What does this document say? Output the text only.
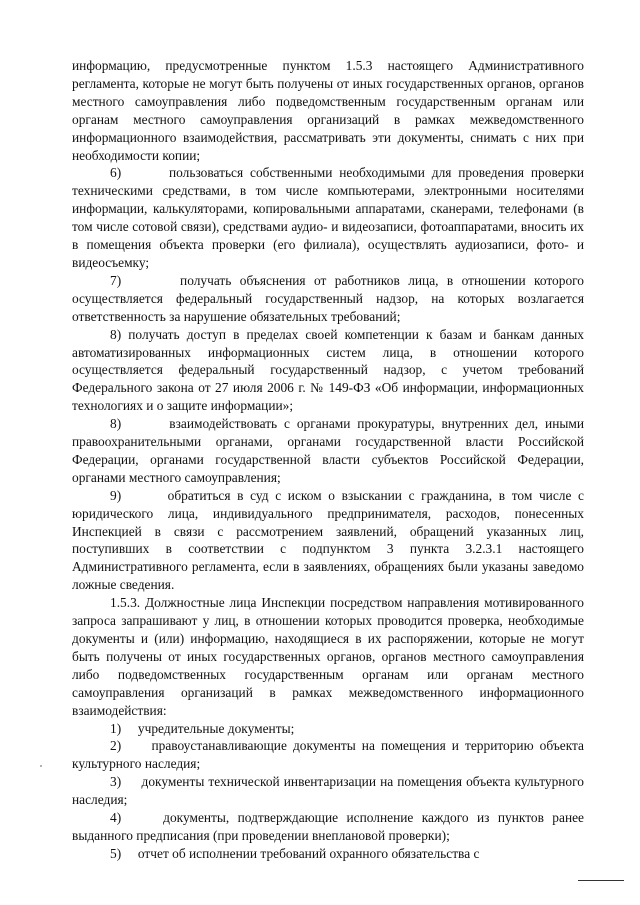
информацию, предусмотренные пунктом 1.5.3 настоящего Административного регламента, которые не могут быть получены от иных государственных органов, органов местного самоуправления либо подведомственным государственным органам или органам местного самоуправления организаций в рамках межведомственного информационного взаимодействия, рассматривать эти документы, снимать с них при необходимости копии;

6)       пользоваться собственными необходимыми для проведения проверки техническими средствами, в том числе компьютерами, электронными носителями информации, калькуляторами, копировальными аппаратами, сканерами, телефонами (в том числе сотовой связи), средствами аудио- и видеозаписи, фотоаппаратами, вносить их в помещения объекта проверки (его филиала), осуществлять аудиозаписи, фото- и видеосъемку;

7)       получать объяснения от работников лица, в отношении которого осуществляется федеральный государственный надзор, на которых возлагается ответственность за нарушение обязательных требований;

8) получать доступ в пределах своей компетенции к базам и банкам данных автоматизированных информационных систем лица, в отношении которого осуществляется федеральный государственный надзор, с учетом требований Федерального закона от 27 июля 2006 г. № 149-ФЗ «Об информации, информационных технологиях и о защите информации»;

8)       взаимодействовать с органами прокуратуры, внутренних дел, иными правоохранительными органами, органами государственной власти Российской Федерации, органами государственной власти субъектов Российской Федерации, органами местного самоуправления;

9)       обратиться в суд с иском о взыскании с гражданина, в том числе с юридического лица, индивидуального предпринимателя, расходов, понесенных Инспекцией в связи с рассмотрением заявлений, обращений указанных лиц, поступивших в соответствии с подпунктом 3 пункта 3.2.3.1 настоящего Административного регламента, если в заявлениях, обращениях были указаны заведомо ложные сведения.

1.5.3. Должностные лица Инспекции посредством направления мотивированного запроса запрашивают у лиц, в отношении которых проводится проверка, необходимые документы и (или) информацию, находящиеся в их распоряжении, которые не могут быть получены от иных государственных органов, органов местного самоуправления либо подведомственных государственным органам или органам местного самоуправления организаций в рамках межведомственного информационного взаимодействия:

1)     учредительные документы;

2)     правоустанавливающие документы на помещения и территорию объекта культурного наследия;

3)     документы технической инвентаризации на помещения объекта культурного наследия;

4)     документы, подтверждающие исполнение каждого из пунктов ранее выданного предписания (при проведении внеплановой проверки);

5)     отчет об исполнении требований охранного обязательства с
